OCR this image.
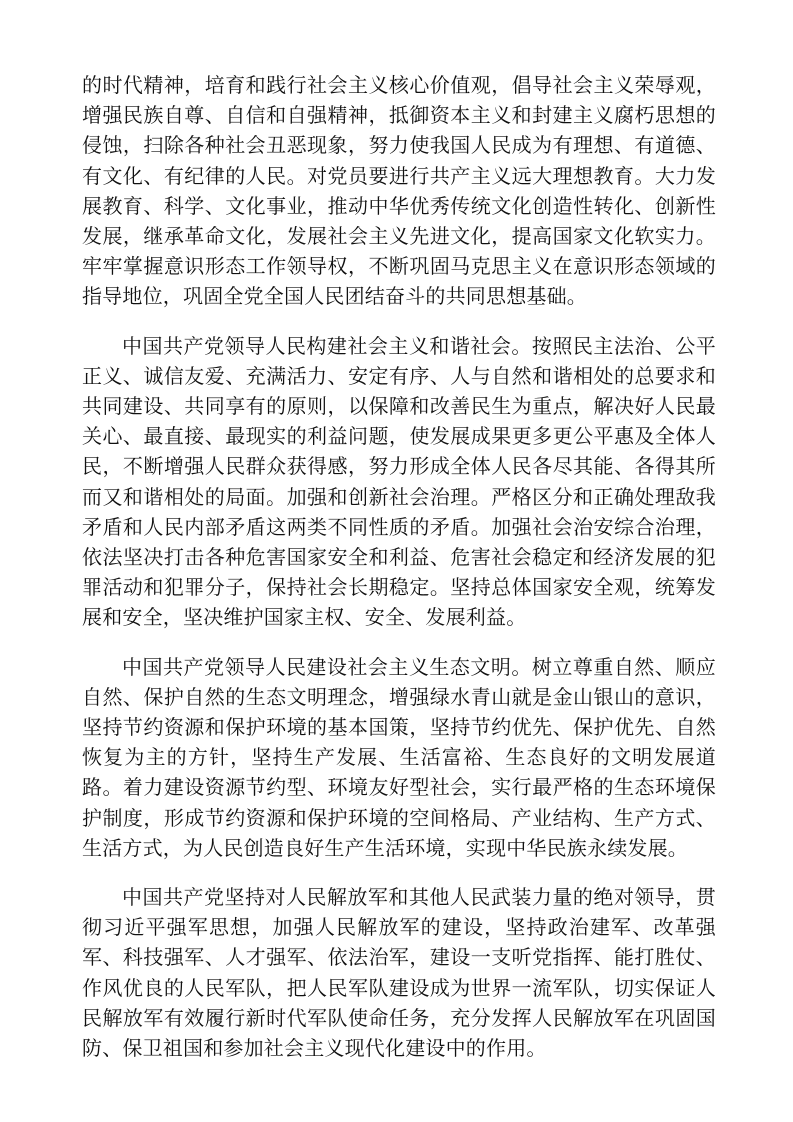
的时代精神，培育和践行社会主义核心价值观，倡导社会主义荣辱观，增强民族自尊、自信和自强精神，抵御资本主义和封建主义腐朽思想的侵蚀，扫除各种社会丑恶现象，努力使我国人民成为有理想、有道德、有文化、有纪律的人民。对党员要进行共产主义远大理想教育。大力发展教育、科学、文化事业，推动中华优秀传统文化创造性转化、创新性发展，继承革命文化，发展社会主义先进文化，提高国家文化软实力。牢牢掌握意识形态工作领导权，不断巩固马克思主义在意识形态领域的指导地位，巩固全党全国人民团结奋斗的共同思想基础。

中国共产党领导人民构建社会主义和谐社会。按照民主法治、公平正义、诚信友爱、充满活力、安定有序、人与自然和谐相处的总要求和共同建设、共同享有的原则，以保障和改善民生为重点，解决好人民最关心、最直接、最现实的利益问题，使发展成果更多更公平惠及全体人民，不断增强人民群众获得感，努力形成全体人民各尽其能、各得其所而又和谐相处的局面。加强和创新社会治理。严格区分和正确处理敌我矛盾和人民内部矛盾这两类不同性质的矛盾。加强社会治安综合治理，依法坚决打击各种危害国家安全和利益、危害社会稳定和经济发展的犯罪活动和犯罪分子，保持社会长期稳定。坚持总体国家安全观，统筹发展和安全，坚决维护国家主权、安全、发展利益。

中国共产党领导人民建设社会主义生态文明。树立尊重自然、顺应自然、保护自然的生态文明理念，增强绿水青山就是金山银山的意识，坚持节约资源和保护环境的基本国策，坚持节约优先、保护优先、自然恢复为主的方针，坚持生产发展、生活富裕、生态良好的文明发展道路。着力建设资源节约型、环境友好型社会，实行最严格的生态环境保护制度，形成节约资源和保护环境的空间格局、产业结构、生产方式、生活方式，为人民创造良好生产生活环境，实现中华民族永续发展。

中国共产党坚持对人民解放军和其他人民武装力量的绝对领导，贯彻习近平强军思想，加强人民解放军的建设，坚持政治建军、改革强军、科技强军、人才强军、依法治军，建设一支听党指挥、能打胜仗、作风优良的人民军队，把人民军队建设成为世界一流军队，切实保证人民解放军有效履行新时代军队使命任务，充分发挥人民解放军在巩固国防、保卫祖国和参加社会主义现代化建设中的作用。
